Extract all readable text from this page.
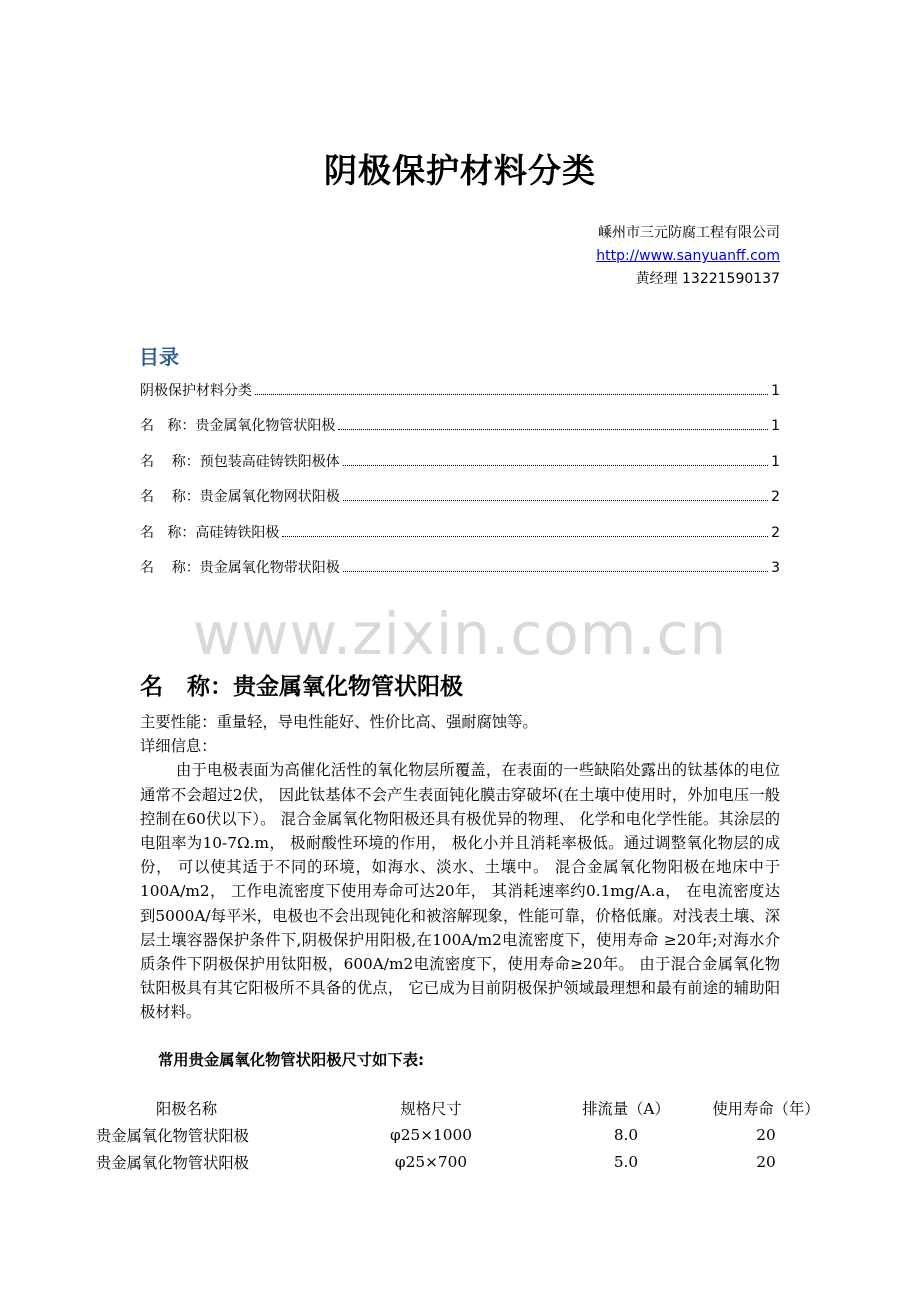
阴极保护材料分类
嵊州市三元防腐工程有限公司
http://www.sanyuanff.com
黄经理 13221590137
目录
阴极保护材料分类	1
名   称：贵金属氧化物管状阳极	1
名    称：预包装高硅铸铁阳极体	1
名    称：贵金属氧化物网状阳极	2
名   称：高硅铸铁阳极	2
名    称：贵金属氧化物带状阳极	3
www.zixin.com.cn
名   称：贵金属氧化物管状阳极

主要性能：重量轻，导电性能好、性价比高、强耐腐蚀等。

详细信息：

由于电极表面为高催化活性的氧化物层所覆盖，在表面的一些缺陷处露出的钛基体的电位通常不会超过2伏， 因此钛基体不会产生表面钝化膜击穿破坏(在土壤中使用时，外加电压一般控制在60伏以下）。 混合金属氧化物阳极还具有极优异的物理、 化学和电化学性能。其涂层的电阻率为10-7Ω.m， 极耐酸性环境的作用， 极化小并且消耗率极低。通过调整氧化物层的成份， 可以使其适于不同的环境，如海水、淡水、土壤中。 混合金属氧化物阳极在地床中于100A/m2， 工作电流密度下使用寿命可达20年， 其消耗速率约0.1mg/A.a， 在电流密度达到5000A/每平米，电极也不会出现钝化和被溶解现象，性能可靠，价格低廉。对浅表土壤、深层土壤容器保护条件下,阴极保护用阳极,在100A/m2电流密度下，使用寿命 ≥20年;对海水介质条件下阴极保护用钛阳极，600A/m2电流密度下，使用寿命≥20年。 由于混合金属氧化物钛阳极具有其它阳极所不具备的优点， 它已成为目前阴极保护领域最理想和最有前途的辅助阳极材料。

常用贵金属氧化物管状阳极尺寸如下表:
阳极名称	规格尺寸	排流量（A）	使用寿命（年）
贵金属氧化物管状阳极	φ25×1000	8.0	20
贵金属氧化物管状阳极	φ25×700	5.0	20
